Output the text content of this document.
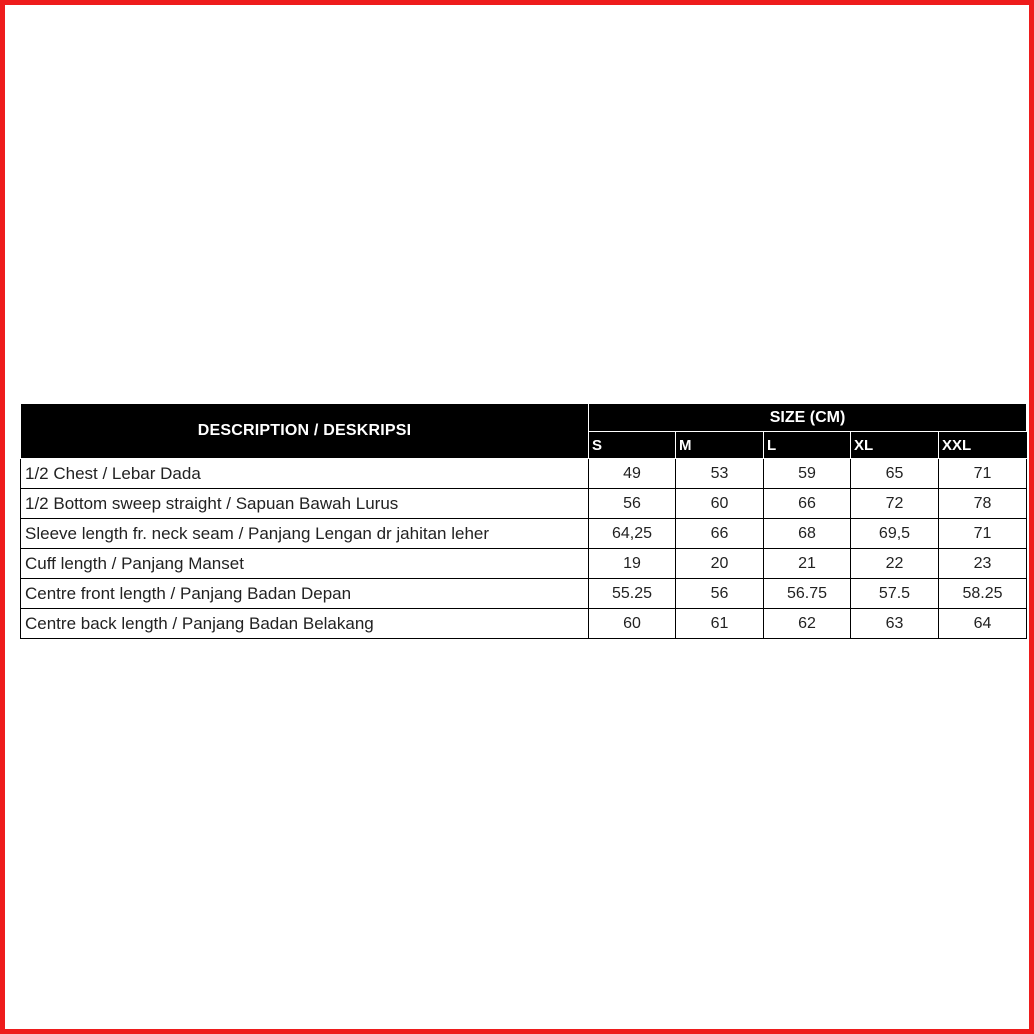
DESCRIPTION / DESKRIPSI	SIZE (CM)				
	S	M	L	XL	XXL
1/2 Chest / Lebar Dada	49	53	59	65	71
1/2 Bottom sweep straight / Sapuan Bawah Lurus	56	60	66	72	78
Sleeve length fr. neck seam / Panjang Lengan dr jahitan leher	64,25	66	68	69,5	71
Cuff length / Panjang Manset	19	20	21	22	23
Centre front length / Panjang Badan Depan	55.25	56	56.75	57.5	58.25
Centre back length / Panjang Badan Belakang	60	61	62	63	64
